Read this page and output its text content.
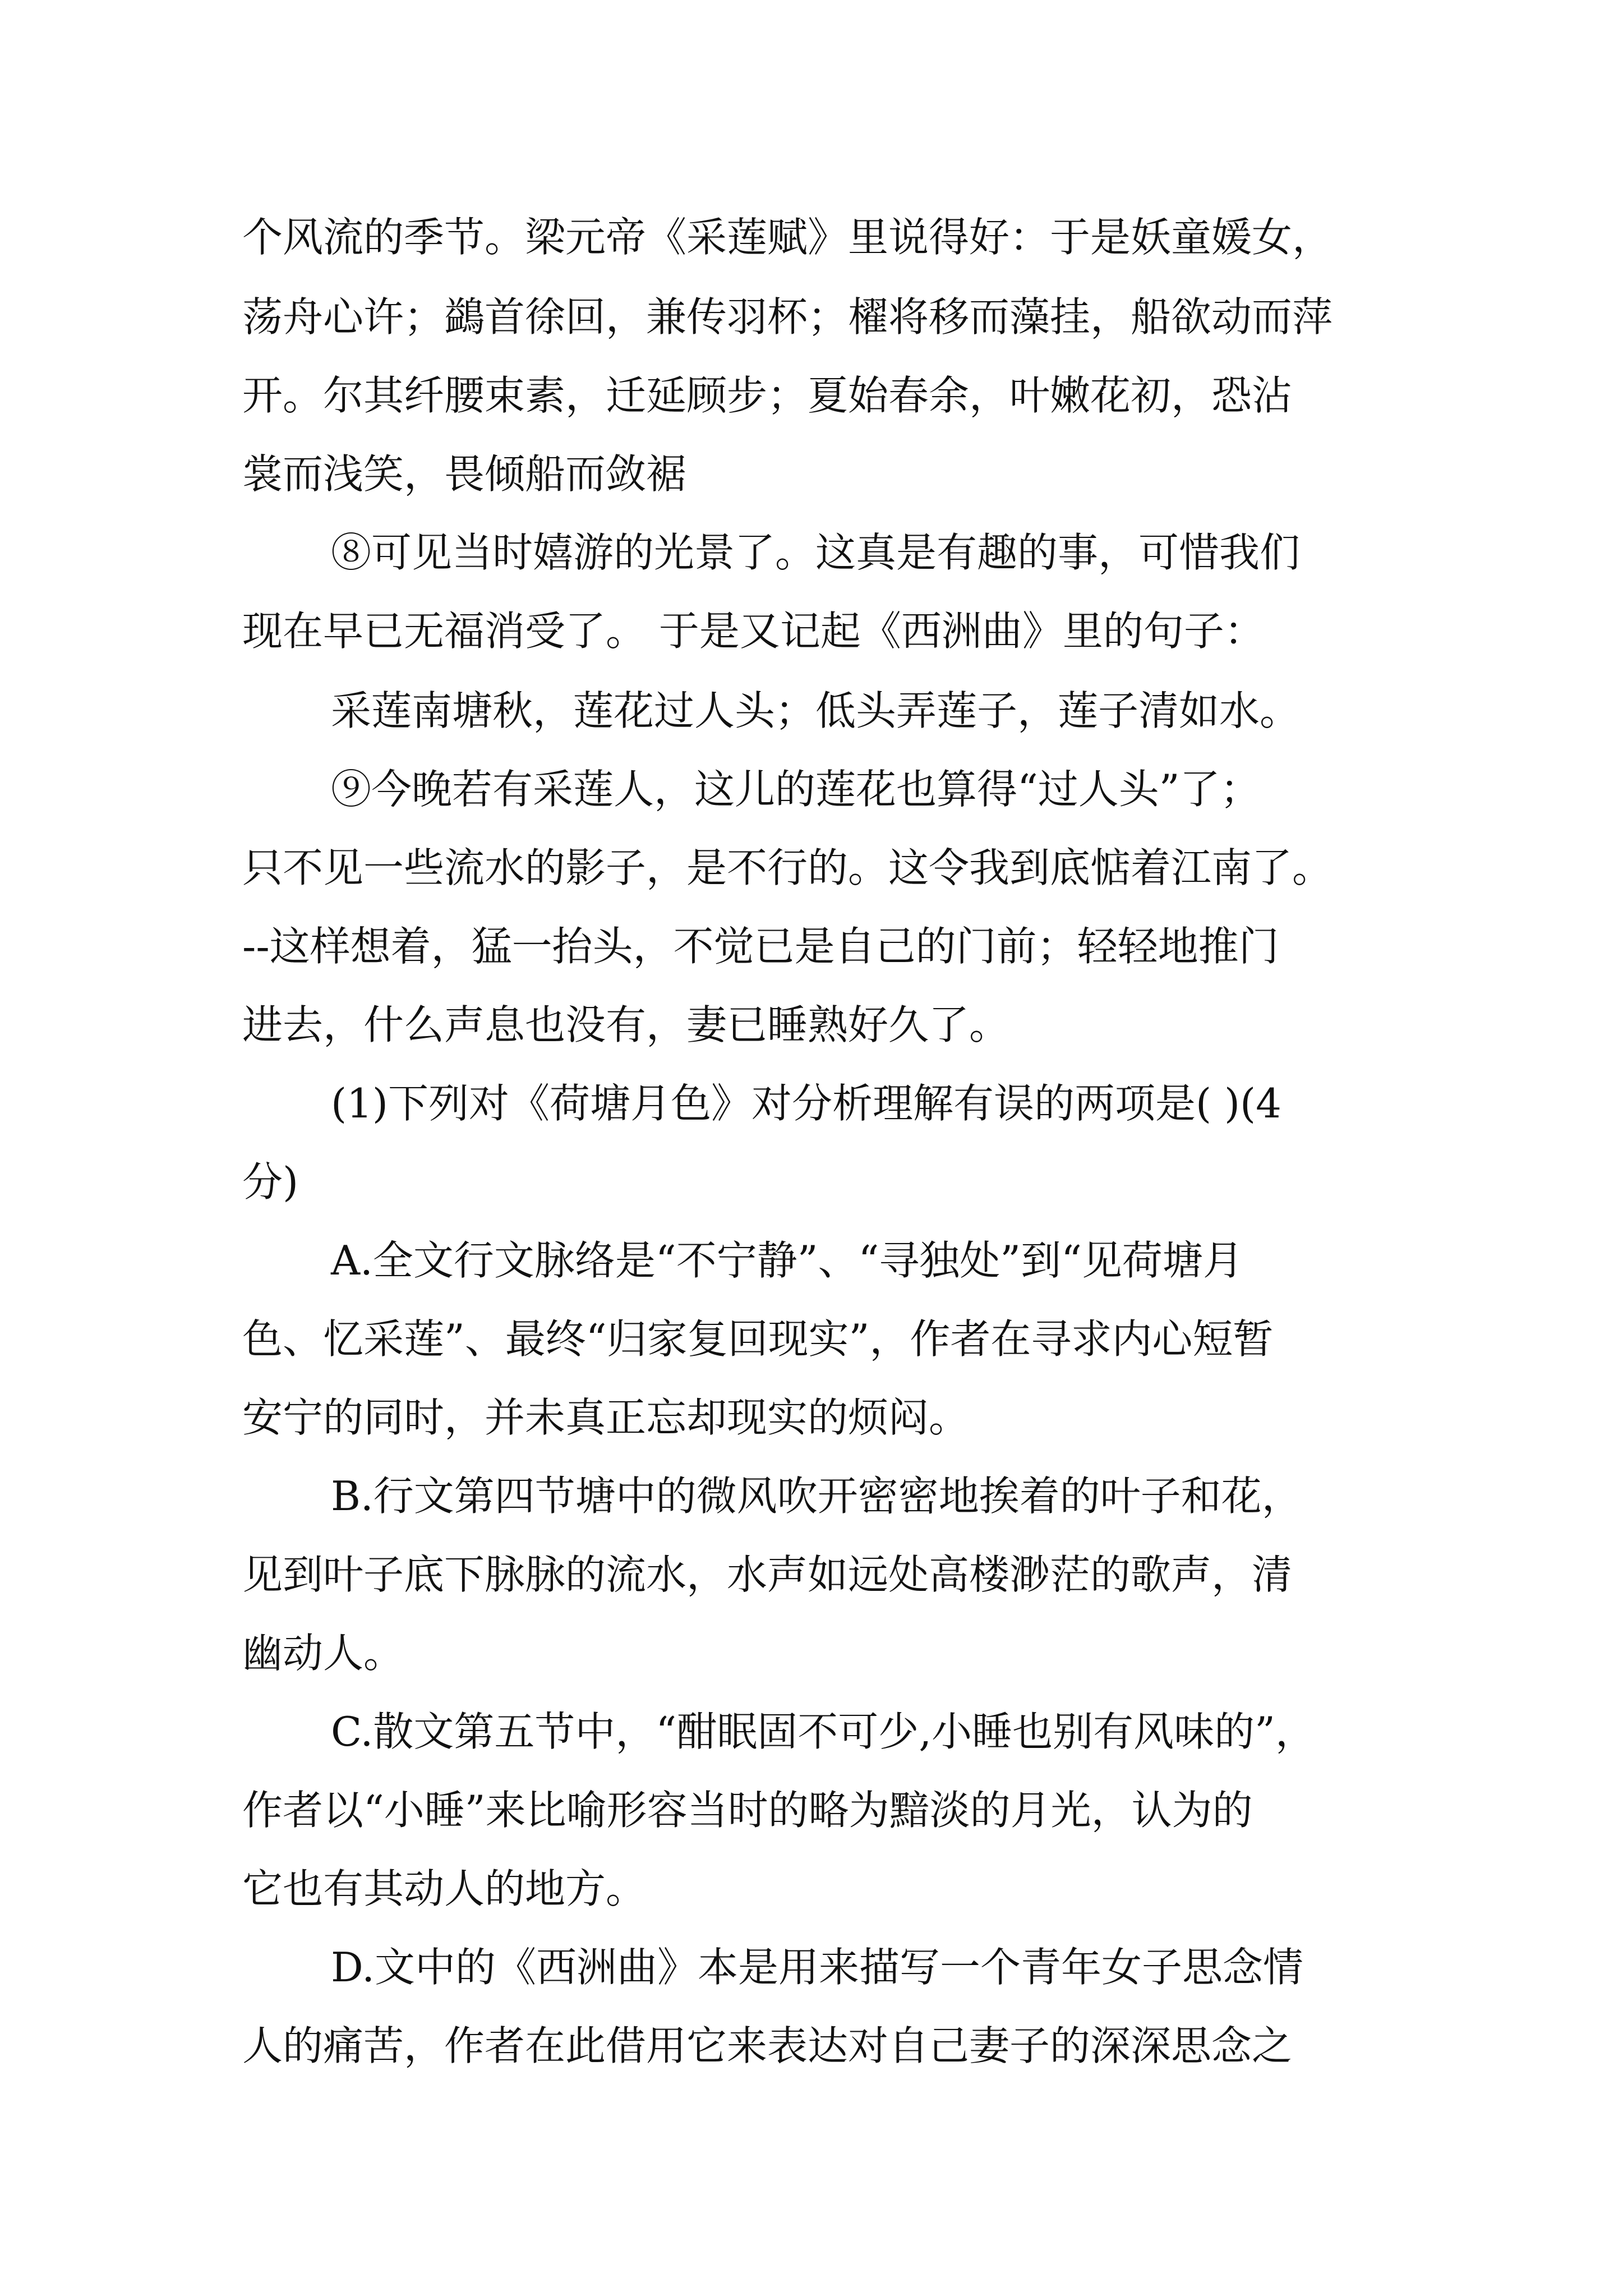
个风流的季节。梁元帝《采莲赋》里说得好：于是妖童媛女，
荡舟心许；鷁首徐回，兼传羽杯；櫂将移而藻挂，船欲动而萍
开。尔其纤腰束素，迁延顾步；夏始春余，叶嫩花初，恐沾
裳而浅笑，畏倾船而敛裾
⑧可见当时嬉游的光景了。这真是有趣的事，可惜我们
现在早已无福消受了。 于是又记起《西洲曲》里的句子：
采莲南塘秋，莲花过人头；低头弄莲子，莲子清如水。
⑨今晚若有采莲人，这儿的莲花也算得“过人头”了；
只不见一些流水的影子，是不行的。这令我到底惦着江南了。
--这样想着，猛一抬头，不觉已是自己的门前；轻轻地推门
进去，什么声息也没有，妻已睡熟好久了。
(1)下列对《荷塘月色》对分析理解有误的两项是( )(4
分)
A.全文行文脉络是“不宁静”、“寻独处”到“见荷塘月
色、忆采莲”、最终“归家复回现实”，作者在寻求内心短暂
安宁的同时，并未真正忘却现实的烦闷。
B.行文第四节塘中的微风吹开密密地挨着的叶子和花，
见到叶子底下脉脉的流水，水声如远处高楼渺茫的歌声，清
幽动人。
C.散文第五节中，“酣眠固不可少,小睡也别有风味的”，
作者以“小睡”来比喻形容当时的略为黯淡的月光，认为的
它也有其动人的地方。
D.文中的《西洲曲》本是用来描写一个青年女子思念情
人的痛苦，作者在此借用它来表达对自己妻子的深深思念之
